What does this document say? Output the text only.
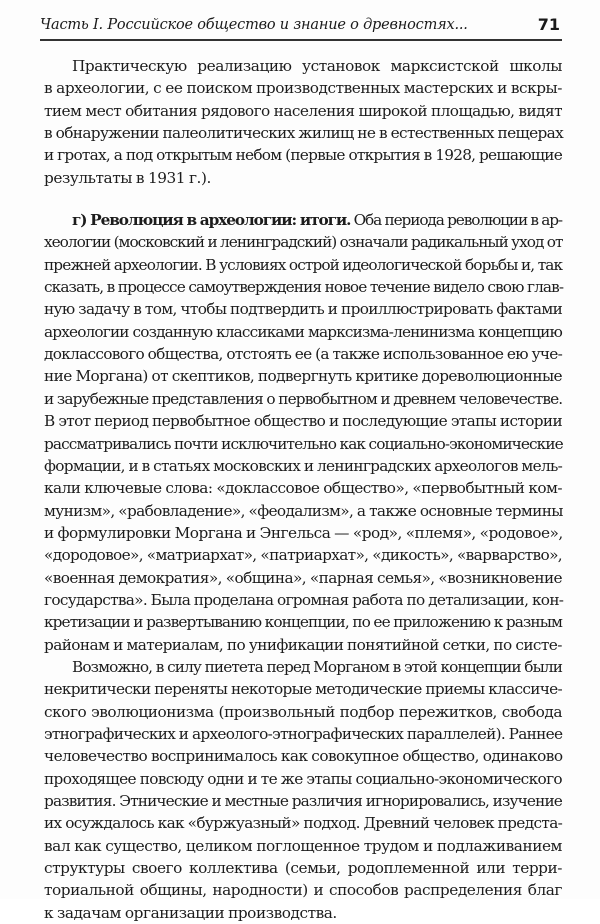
Часть I. Российское общество и знание о древностях...	71
Практическую реализацию установок марксистской школы
в археологии, с ее поиском производственных мастерских и вскры-
тием мест обитания рядового населения широкой площадью, видят
в обнаружении палеолитических жилищ не в естественных пещерах
и гротах, а под открытым небом (первые открытия в 1928, решающие
результаты в 1931 г.).
г) Революция в археологии: итоги. Оба периода революции в ар-
хеологии (московский и ленинградский) означали радикальный уход от
прежней археологии. В условиях острой идеологической борьбы и, так
сказать, в процессе самоутверждения новое течение видело свою глав-
ную задачу в том, чтобы подтвердить и проиллюстрировать фактами
археологии созданную классиками марксизма-ленинизма концепцию
доклассового общества, отстоять ее (а также использованное ею уче-
ние Моргана) от скептиков, подвергнуть критике дореволюционные
и зарубежные представления о первобытном и древнем человечестве.
В этот период первобытное общество и последующие этапы истории
рассматривались почти исключительно как социально-экономические
формации, и в статьях московских и ленинградских археологов мель-
кали ключевые слова: «доклассовое общество», «первобытный ком-
мунизм», «рабовладение», «феодализм», а также основные термины
и формулировки Моргана и Энгельса — «род», «племя», «родовое»,
«дородовое», «матриархат», «патриархат», «дикость», «варварство»,
«военная демократия», «община», «парная семья», «возникновение
государства». Была проделана огромная работа по детализации, кон-
кретизации и развертыванию концепции, по ее приложению к разным
районам и материалам, по унификации понятийной сетки, по систе-
Возможно, в силу пиетета перед Морганом в этой концепции были
некритически переняты некоторые методические приемы классиче-
ского эволюционизма (произвольный подбор пережитков, свобода
этнографических и археолого-этнографических параллелей). Раннее
человечество воспринималось как совокупное общество, одинаково
проходящее повсюду одни и те же этапы социально-экономического
развития. Этнические и местные различия игнорировались, изучение
их осуждалось как «буржуазный» подход. Древний человек предста-
вал как существо, целиком поглощенное трудом и подлаживанием
структуры своего коллектива (семьи, родоплеменной или терри-
ториальной общины, народности) и способов распределения благ
к задачам организации производства.
